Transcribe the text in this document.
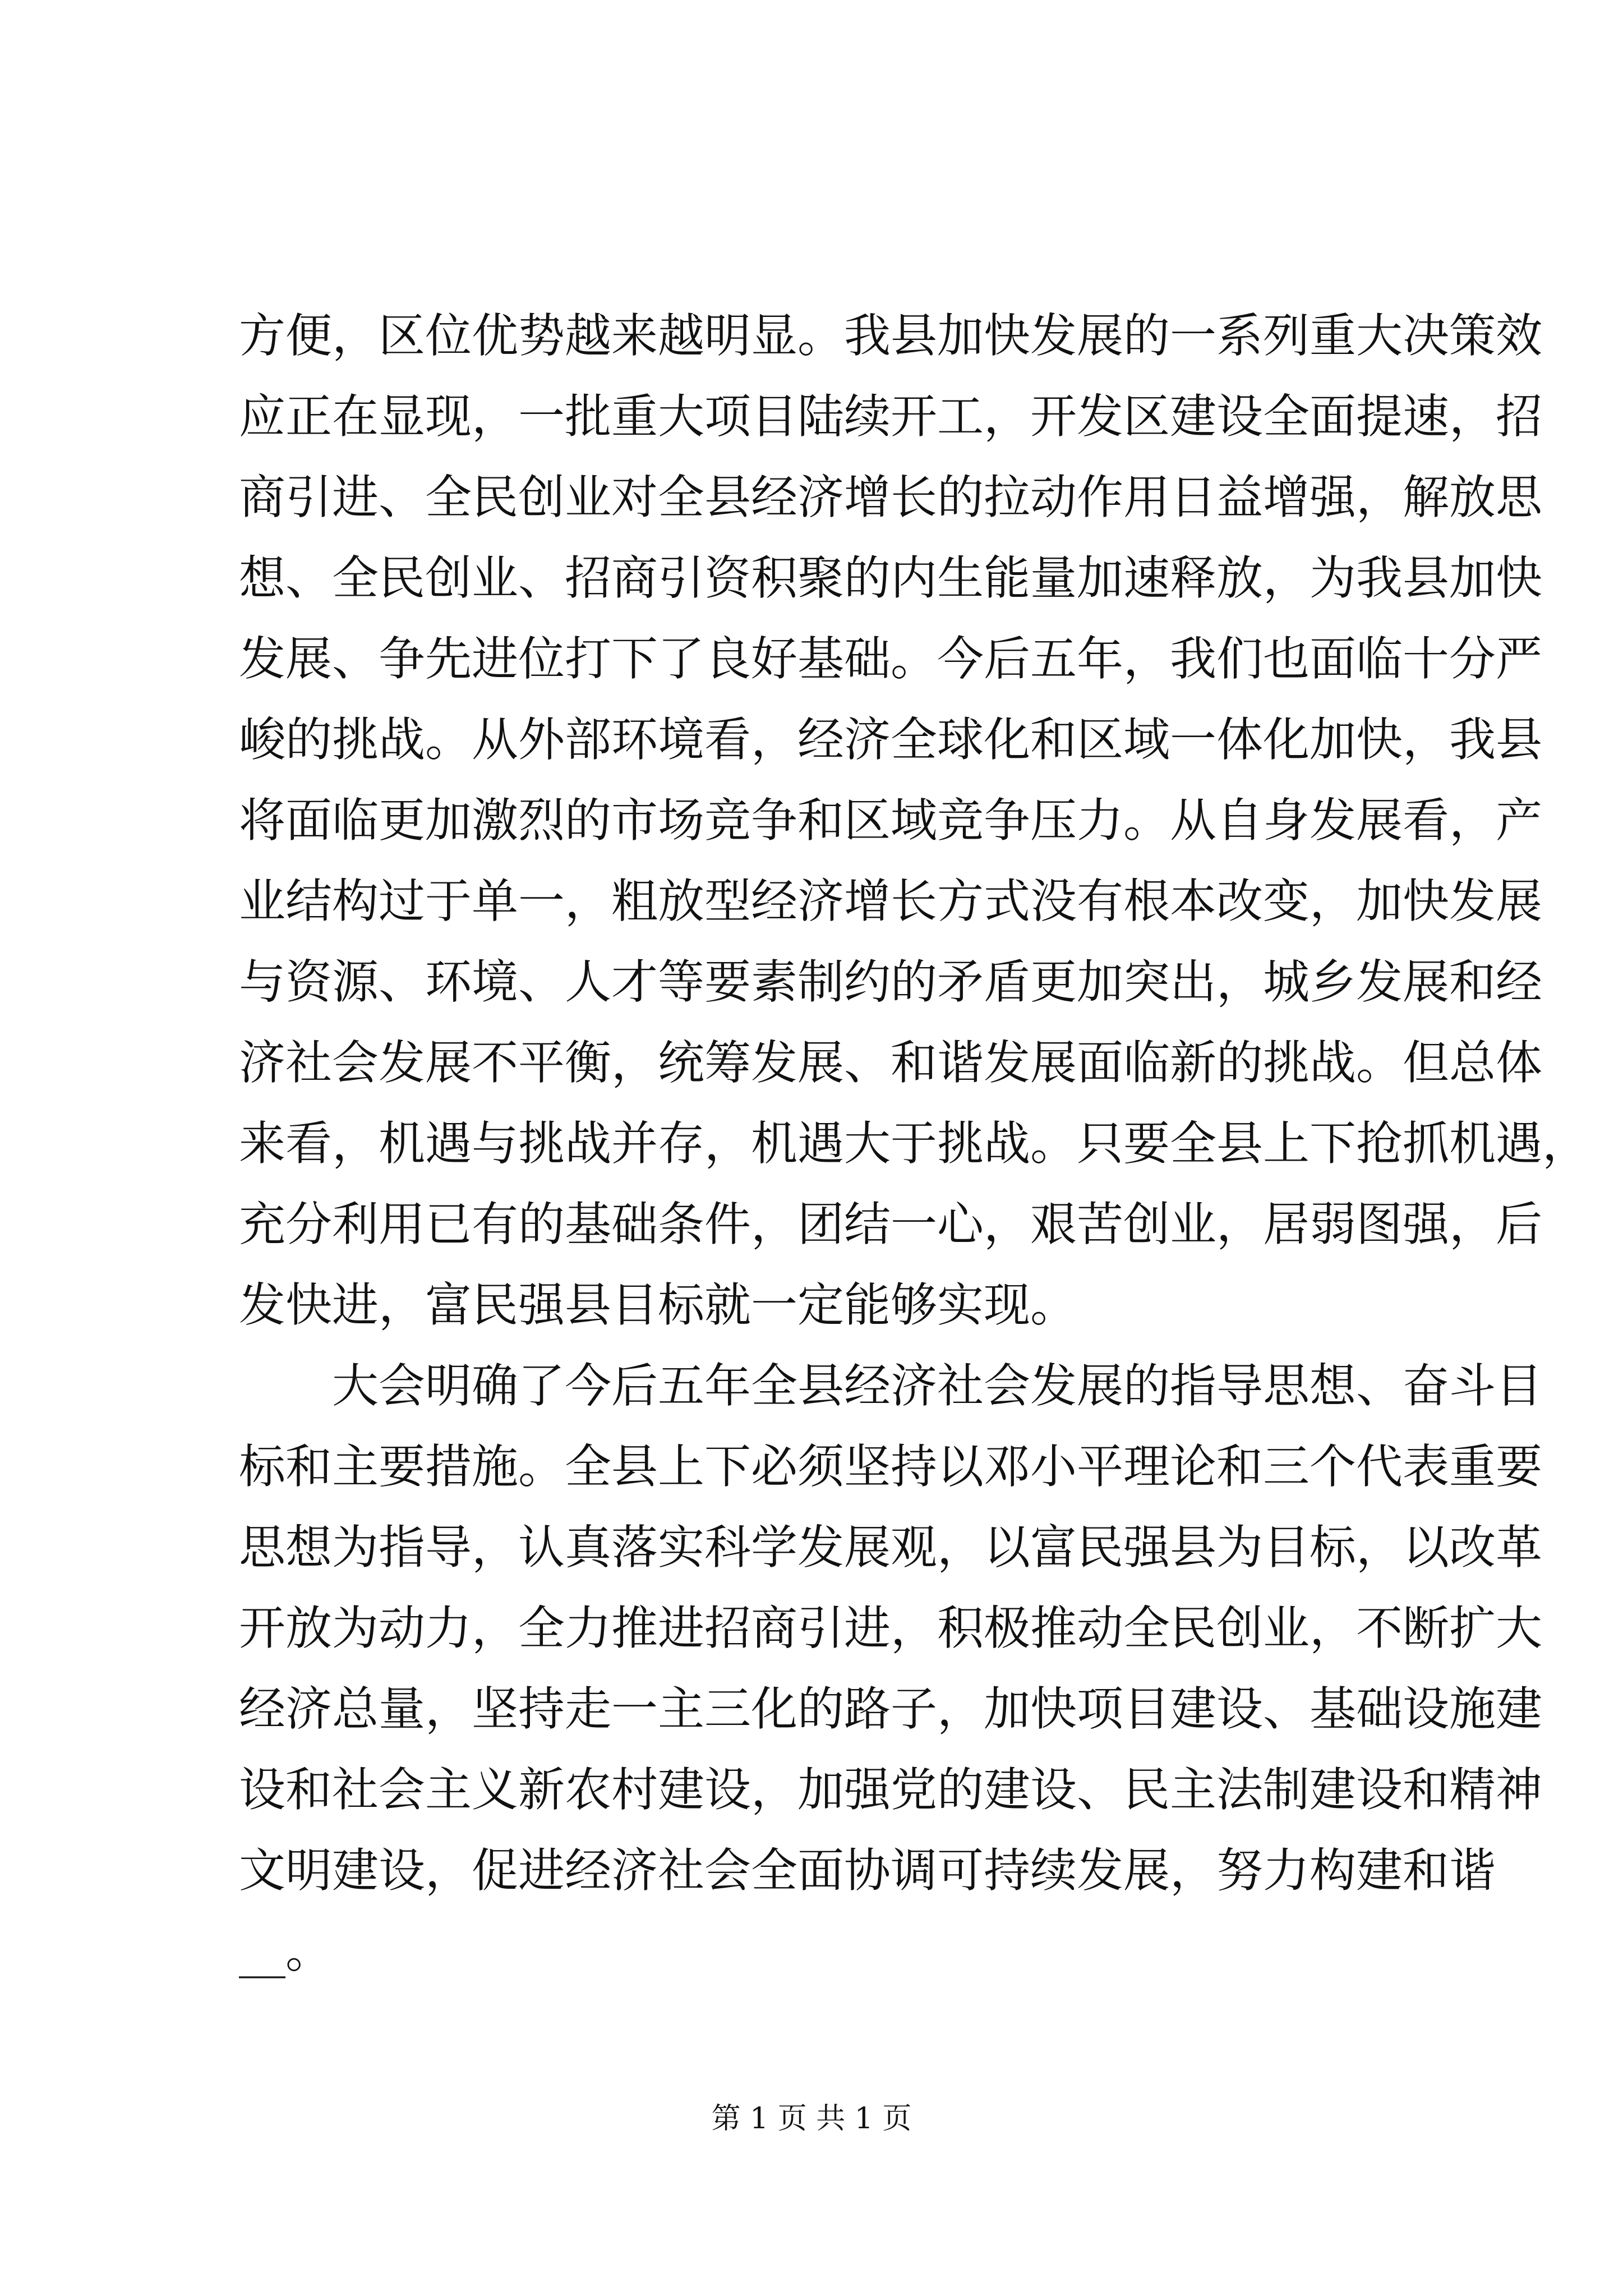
方便，区位优势越来越明显。我县加快发展的一系列重大决策效
应正在显现，一批重大项目陆续开工，开发区建设全面提速，招
商引进、全民创业对全县经济增长的拉动作用日益增强，解放思
想、全民创业、招商引资积聚的内生能量加速释放，为我县加快
发展、争先进位打下了良好基础。今后五年，我们也面临十分严
峻的挑战。从外部环境看，经济全球化和区域一体化加快，我县
将面临更加激烈的市场竞争和区域竞争压力。从自身发展看，产
业结构过于单一，粗放型经济增长方式没有根本改变，加快发展
与资源、环境、人才等要素制约的矛盾更加突出，城乡发展和经
济社会发展不平衡，统筹发展、和谐发展面临新的挑战。但总体
来看，机遇与挑战并存，机遇大于挑战。只要全县上下抢抓机遇，
充分利用已有的基础条件，团结一心，艰苦创业，居弱图强，后
发快进，富民强县目标就一定能够实现。
大会明确了今后五年全县经济社会发展的指导思想、奋斗目
标和主要措施。全县上下必须坚持以邓小平理论和三个代表重要
思想为指导，认真落实科学发展观，以富民强县为目标，以改革
开放为动力，全力推进招商引进，积极推动全民创业，不断扩大
经济总量，坚持走一主三化的路子，加快项目建设、基础设施建
设和社会主义新农村建设，加强党的建设、民主法制建设和精神
文明建设，促进经济社会全面协调可持续发展，努力构建和谐
__。
第 1 页 共 1 页
